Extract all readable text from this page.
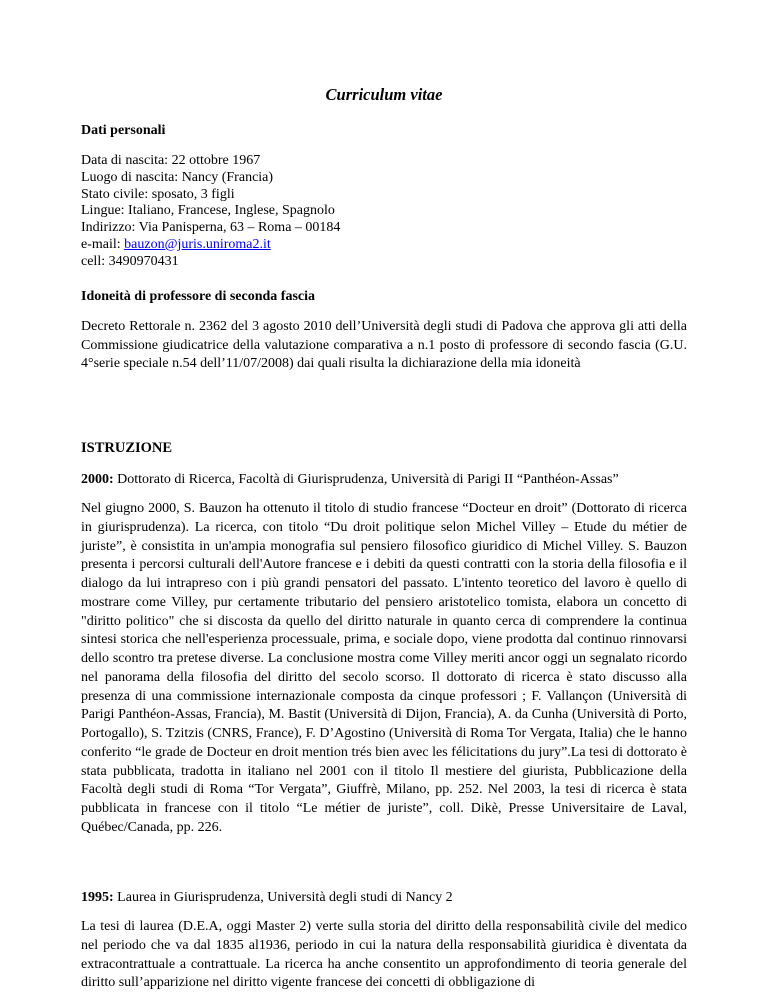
Curriculum vitae
Dati personali
Data di nascita: 22 ottobre 1967
Luogo di nascita: Nancy (Francia)
Stato civile: sposato, 3 figli
Lingue: Italiano, Francese, Inglese, Spagnolo
Indirizzo: Via Panisperna, 63 – Roma – 00184
e-mail: bauzon@juris.uniroma2.it
cell: 3490970431
Idoneità di professore di seconda fascia

Decreto Rettorale n. 2362 del 3 agosto 2010 dell’Università degli studi di Padova che approva gli atti della Commissione giudicatrice della valutazione comparativa a n.1 posto di professore di secondo fascia (G.U. 4°serie speciale n.54 dell’11/07/2008) dai quali risulta la dichiarazione della mia idoneità

ISTRUZIONE
2000: Dottorato di Ricerca, Facoltà di Giurisprudenza, Università di Parigi II “Panthéon-Assas”

Nel giugno 2000, S. Bauzon ha ottenuto il titolo di studio francese “Docteur en droit” (Dottorato di ricerca in giurisprudenza). La ricerca, con titolo “Du droit politique selon Michel Villey – Etude du métier de juriste”, è consistita in un'ampia monografia sul pensiero filosofico giuridico di Michel Villey. S. Bauzon presenta i percorsi culturali dell'Autore francese e i debiti da questi contratti con la storia della filosofia e il dialogo da lui intrapreso con i più grandi pensatori del passato. L'intento teoretico del lavoro è quello di mostrare come Villey, pur certamente tributario del pensiero aristotelico tomista, elabora un concetto di "diritto politico" che si discosta da quello del diritto naturale in quanto cerca di comprendere la continua sintesi storica che nell'esperienza processuale, prima, e sociale dopo, viene prodotta dal continuo rinnovarsi dello scontro tra pretese diverse. La conclusione mostra come Villey meriti ancor oggi un segnalato ricordo nel panorama della filosofia del diritto del secolo scorso. Il dottorato di ricerca è stato discusso alla presenza di una commissione internazionale composta da cinque professori ; F. Vallançon (Università di Parigi Panthéon-Assas, Francia), M. Bastit (Università di Dijon, Francia), A. da Cunha (Università di Porto, Portogallo), S. Tzitzis (CNRS, France), F. D’Agostino (Università di Roma Tor Vergata, Italia) che le hanno conferito “le grade de Docteur en droit mention trés bien avec les félicitations du jury”.La tesi di dottorato è stata pubblicata, tradotta in italiano nel 2001 con il titolo Il mestiere del giurista, Pubblicazione della Facoltà degli studi di Roma “Tor Vergata”, Giuffrè, Milano, pp. 252. Nel 2003, la tesi di ricerca è stata pubblicata in francese con il titolo “Le métier de juriste”, coll. Dikè, Presse Universitaire de Laval, Québec/Canada, pp. 226.

1995: Laurea in Giurisprudenza, Università degli studi di Nancy 2

La tesi di laurea (D.E.A, oggi Master 2) verte sulla storia del diritto della responsabilità civile del medico nel periodo che va dal 1835 al1936, periodo in cui la natura della responsabilità giuridica è diventata da extracontrattuale a contrattuale. La ricerca ha anche consentito un approfondimento di teoria generale del diritto sull’apparizione nel diritto vigente francese dei concetti di obbligazione di
